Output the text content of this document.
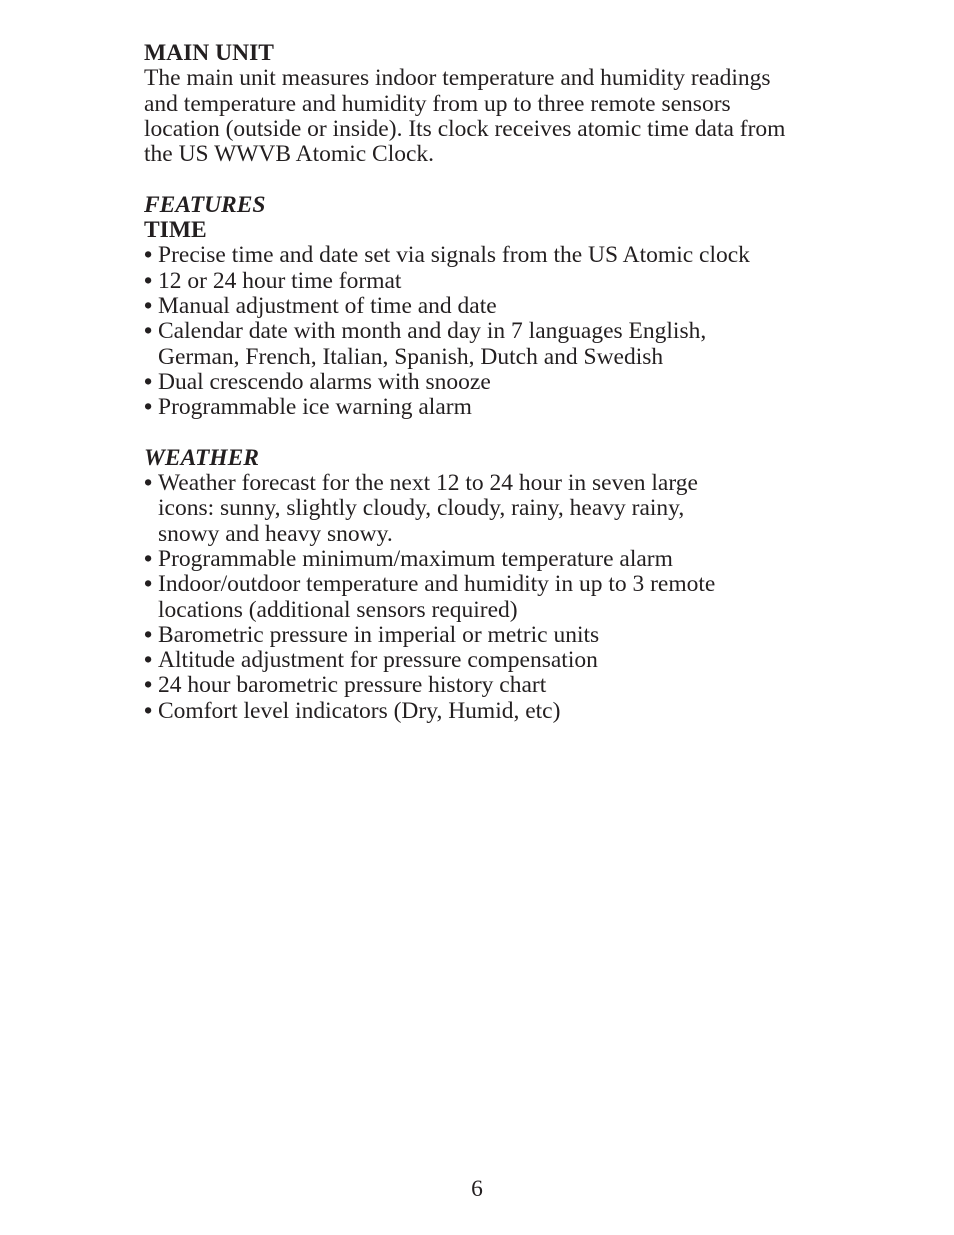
MAIN UNIT

The main unit measures indoor temperature and humidity readings and temperature and humidity from up to three remote sensors location (outside or inside). Its clock receives atomic time data from the US WWVB Atomic Clock.

FEATURES

TIME

• Precise time and date set via signals from the US Atomic clock
• 12 or 24 hour time format
• Manual adjustment of time and date
• Calendar date with month and day in 7 languages English, German, French, Italian, Spanish, Dutch and Swedish
• Dual crescendo alarms with snooze
• Programmable ice warning alarm

WEATHER

• Weather forecast for the next 12 to 24 hour in seven large icons: sunny, slightly cloudy, cloudy, rainy, heavy rainy, snowy and heavy snowy.
• Programmable minimum/maximum temperature alarm
• Indoor/outdoor temperature and humidity in up to 3 remote locations (additional sensors required)
• Barometric pressure in imperial or metric units
• Altitude adjustment for pressure compensation
• 24 hour barometric pressure history chart
• Comfort level indicators (Dry, Humid, etc)
6
